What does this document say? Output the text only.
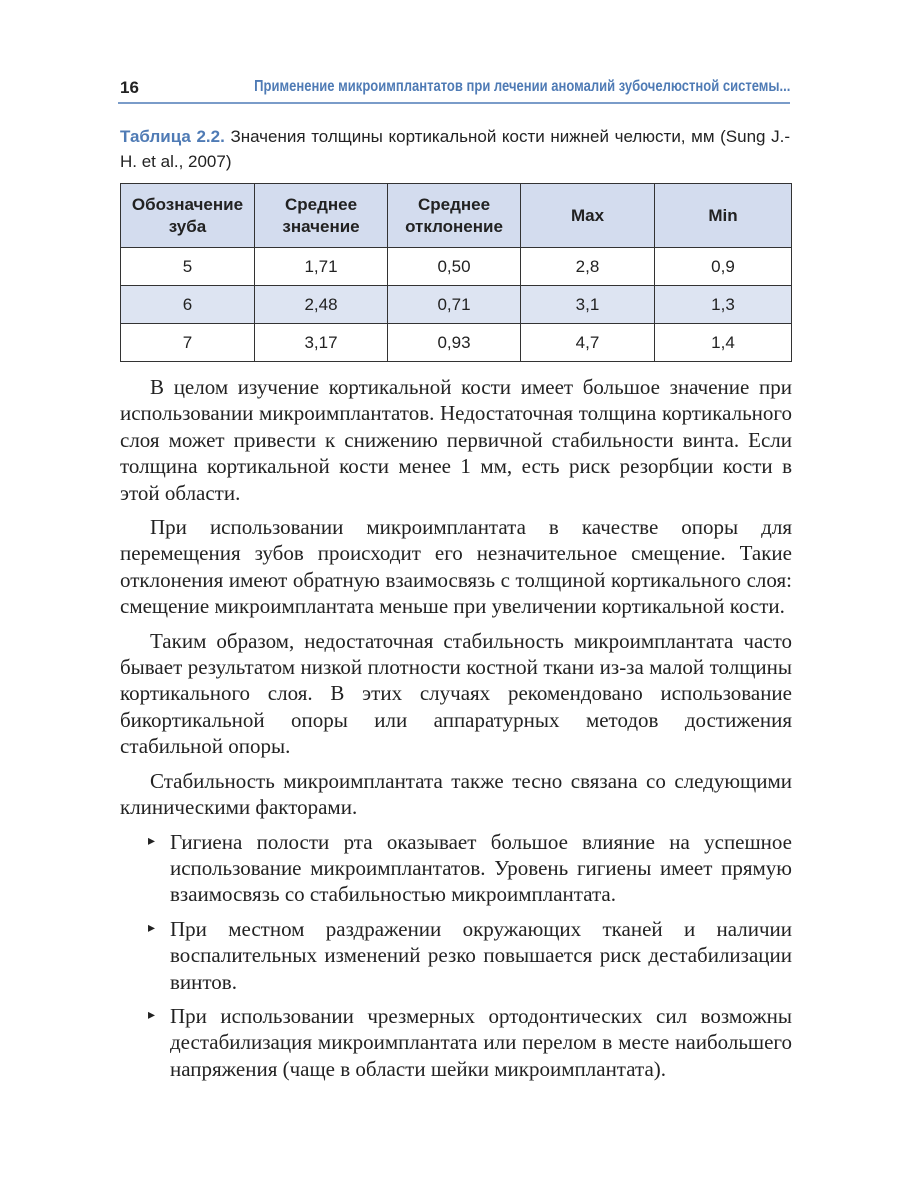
16	Применение микроимплантатов при лечении аномалий зубочелюстной системы...
Таблица 2.2. Значения толщины кортикальной кости нижней челюсти, мм (Sung J.-H. et al., 2007)
Обозначение зуба	Среднее значение	Среднее отклонение	Max	Min
5	1,71	0,50	2,8	0,9
6	2,48	0,71	3,1	1,3
7	3,17	0,93	4,7	1,4

В целом изучение кортикальной кости имеет большое значение при использовании микроимплантатов. Недостаточная толщина кортикального слоя может привести к снижению первичной стабильности винта. Если толщина кортикальной кости менее 1 мм, есть риск резорбции кости в этой области.

При использовании микроимплантата в качестве опоры для перемещения зубов происходит его незначительное смещение. Такие отклонения имеют обратную взаимосвязь с толщиной кортикального слоя: смещение микроимплантата меньше при увеличении кортикальной кости.

Таким образом, недостаточная стабильность микроимплантата часто бывает результатом низкой плотности костной ткани из-за малой толщины кортикального слоя. В этих случаях рекомендовано использование бикортикальной опоры или аппаратурных методов достижения стабильной опоры.

Стабильность микроимплантата также тесно связана со следующими клиническими факторами.

▸ Гигиена полости рта оказывает большое влияние на успешное использование микроимплантатов. Уровень гигиены имеет прямую взаимосвязь со стабильностью микроимплантата.
▸ При местном раздражении окружающих тканей и наличии воспалительных изменений резко повышается риск дестабилизации винтов.
▸ При использовании чрезмерных ортодонтических сил возможны дестабилизация микроимплантата или перелом в месте наибольшего напряжения (чаще в области шейки микроимплантата).
